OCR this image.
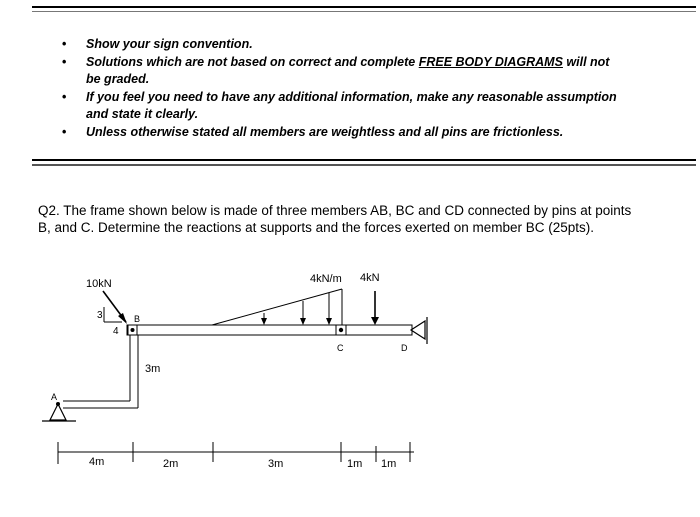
• Show your sign convention.
• Solutions which are not based on correct and complete FREE BODY DIAGRAMS will not be graded.
• If you feel you need to have any additional information, make any reasonable assumption and state it clearly.
• Unless otherwise stated all members are weightless and all pins are frictionless.
Q2. The frame shown below is made of three members AB, BC and CD connected by pins at points B, and C. Determine the reactions at supports and the forces exerted on member BC (25pts).
10kN	4kN/m 4kN
3
4
A
B
C	D
3m
4m	2m	3m	1m 1m
